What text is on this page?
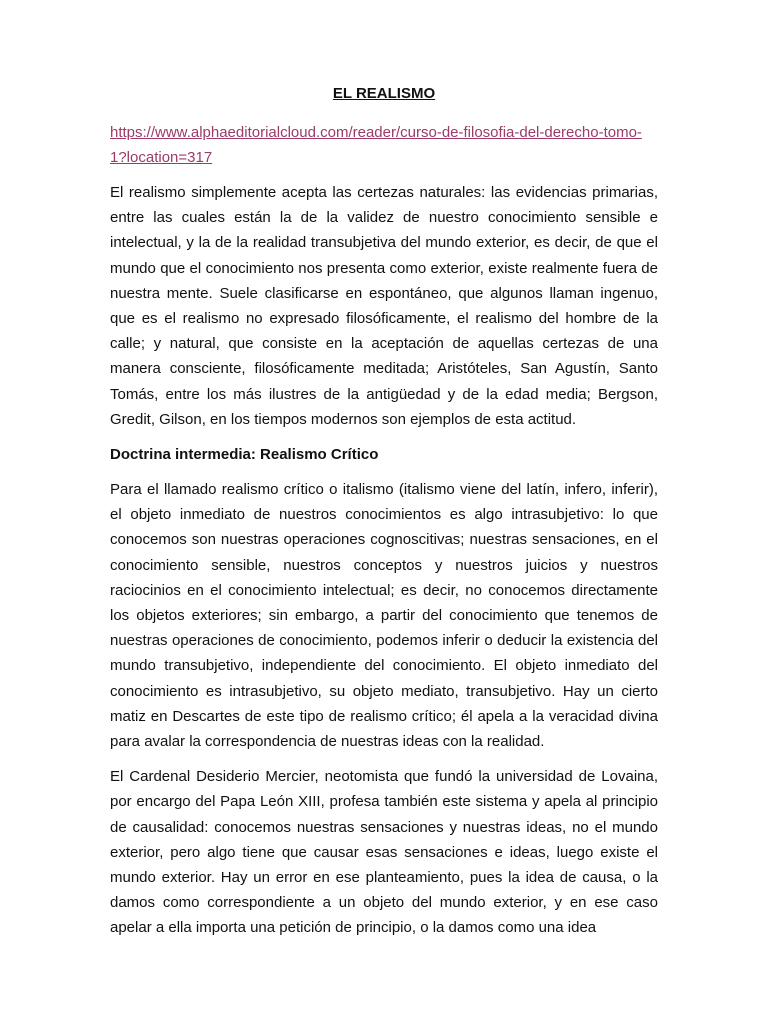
EL REALISMO
https://www.alphaeditorialcloud.com/reader/curso-de-filosofia-del-derecho-tomo-1?location=317

El realismo simplemente acepta las certezas naturales: las evidencias primarias, entre las cuales están la de la validez de nuestro conocimiento sensible e intelectual, y la de la realidad transubjetiva del mundo exterior, es decir, de que el mundo que el conocimiento nos presenta como exterior, existe realmente fuera de nuestra mente. Suele clasificarse en espontáneo, que algunos llaman ingenuo, que es el realismo no expresado filosóficamente, el realismo del hombre de la calle; y natural, que consiste en la aceptación de aquellas certezas de una manera consciente, filosóficamente meditada; Aristóteles, San Agustín, Santo Tomás, entre los más ilustres de la antigüedad y de la edad media; Bergson, Gredit, Gilson, en los tiempos modernos son ejemplos de esta actitud.

Doctrina intermedia: Realismo Crítico

Para el llamado realismo crítico o italismo (italismo viene del latín, infero, inferir), el objeto inmediato de nuestros conocimientos es algo intrasubjetivo: lo que conocemos son nuestras operaciones cognoscitivas; nuestras sensaciones, en el conocimiento sensible, nuestros conceptos y nuestros juicios y nuestros raciocinios en el conocimiento intelectual; es decir, no conocemos directamente los objetos exteriores; sin embargo, a partir del conocimiento que tenemos de nuestras operaciones de conocimiento, podemos inferir o deducir la existencia del mundo transubjetivo, independiente del conocimiento. El objeto inmediato del conocimiento es intrasubjetivo, su objeto mediato, transubjetivo. Hay un cierto matiz en Descartes de este tipo de realismo crítico; él apela a la veracidad divina para avalar la correspondencia de nuestras ideas con la realidad.

El Cardenal Desiderio Mercier, neotomista que fundó la universidad de Lovaina, por encargo del Papa León XIII, profesa también este sistema y apela al principio de causalidad: conocemos nuestras sensaciones y nuestras ideas, no el mundo exterior, pero algo tiene que causar esas sensaciones e ideas, luego existe el mundo exterior. Hay un error en ese planteamiento, pues la idea de causa, o la damos como correspondiente a un objeto del mundo exterior, y en ese caso apelar a ella importa una petición de principio, o la damos como una idea
